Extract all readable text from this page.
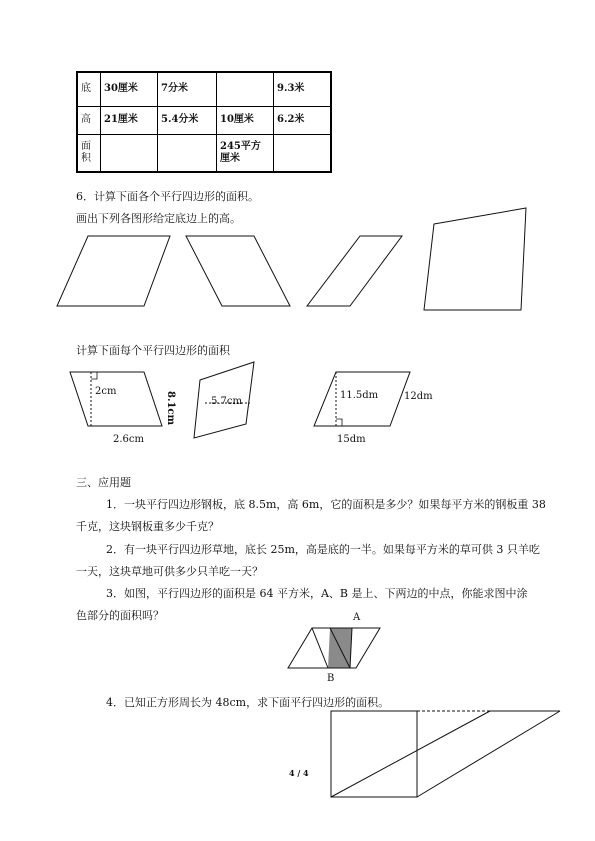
底	30厘米	7分米		9.3米
高	21厘米	5.4分米	10厘米	6.2米
面积			245平方厘米	
6．计算下面各个平行四边形的面积。
画出下列各图形给定底边上的高。
计算下面每个平行四边形的面积
2cm
2.6cm
8.1cm	5.7cm
11.5dm	12dm
15dm
三、应用题
1．一块平行四边形钢板，底 8.5m，高 6m，它的面积是多少？如果每平方米的钢板重 38
千克，这块钢板重多少千克？
2．有一块平行四边形草地，底长 25m，高是底的一半。如果每平方米的草可供 3 只羊吃
一天，这块草地可供多少只羊吃一天？
3．如图，平行四边形的面积是 64 平方米，A、B 是上、下两边的中点，你能求图中涂
色部分的面积吗？	A
B
4．已知正方形周长为 48cm，求下面平行四边形的面积。
4 / 4
